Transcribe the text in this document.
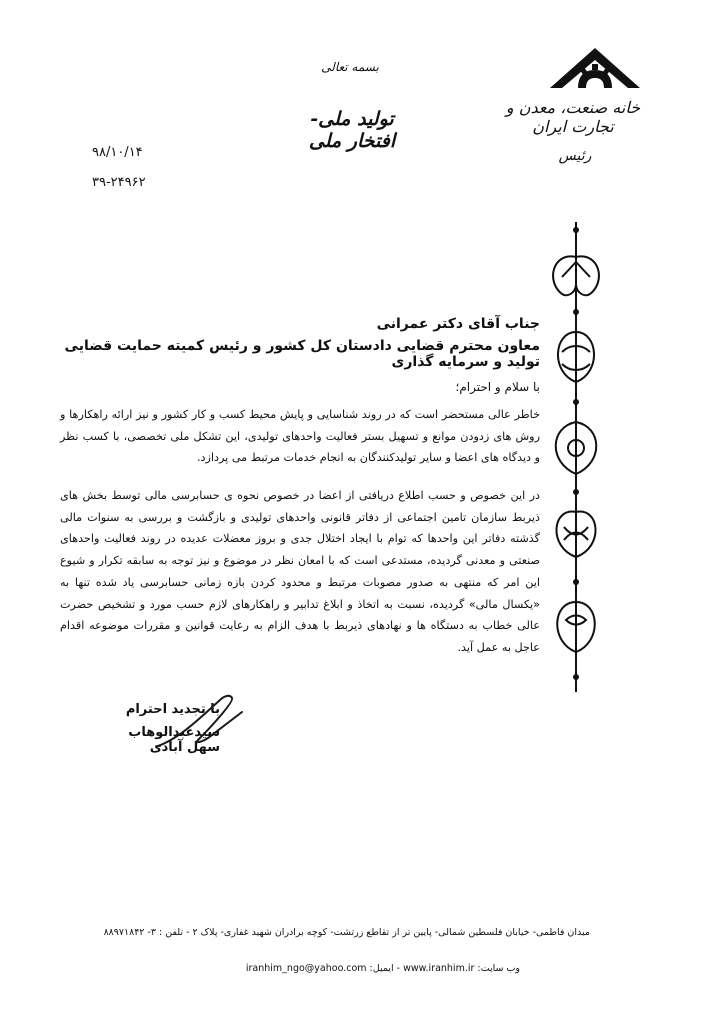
خانه صنعت، معدن و تجارت ایران
رئیس
بسمه تعالی
تولید ملی- افتخار ملی
۹۸/۱۰/۱۴
۳۹-۲۴۹۶۲
جناب آقای دکتر عمرانی
معاون محترم قضایی دادستان کل کشور و رئیس کمیته حمایت قضایی تولید و سرمایه گذاری
با سلام و احترام؛
خاطر عالی مستحضر است که در روند شناسایی و پایش محیط کسب و کار کشور و نیز ارائه راهکارها و روش های زدودن موانع و تسهیل بستر فعالیت واحدهای تولیدی، این تشکل ملی تخصصی، با کسب نظر و دیدگاه های اعضا و سایر تولیدکنندگان به انجام خدمات مرتبط می پردازد.
در این خصوص و حسب اطلاع دریافتی از اعضا در خصوص نحوه ی حسابرسی مالی توسط بخش های ذیربط سازمان تامین اجتماعی از دفاتر قانونی واحدهای تولیدی و بازگشت و بررسی به سنوات مالی گذشته دفاتر این واحدها که توام با ایجاد اختلال جدی و بروز معضلات عدیده در روند فعالیت واحدهای صنعتی و معدنی گردیده، مستدعی است که با امعان نظر در موضوع و نیز توجه به سابقه تکرار و شیوع این امر که منتهی به صدور مصوبات مرتبط و محدود کردن بازه زمانی حسابرسی یاد شده تنها به «یکسال مالی» گردیده، نسبت به اتخاذ و ابلاغ تدابیر و راهکارهای لازم حسب مورد و تشخیص حضرت عالی خطاب به دستگاه ها و نهادهای ذیربط با هدف الزام به رعایت قوانین و مقررات موضوعه اقدام عاجل به عمل آید.
با تجدید احترام
سیدعبدالوهاب سهل آبادی
میدان فاطمی- خیابان فلسطین شمالی- پایین تر از تقاطع زرتشت- کوچه برادران شهید غفاری- پلاک ۲ - تلفن : ۳- ۸۸۹۷۱۸۴۲
وب سایت: www.iranhim.ir - ایمیل: iranhim_ngo@yahoo.com
